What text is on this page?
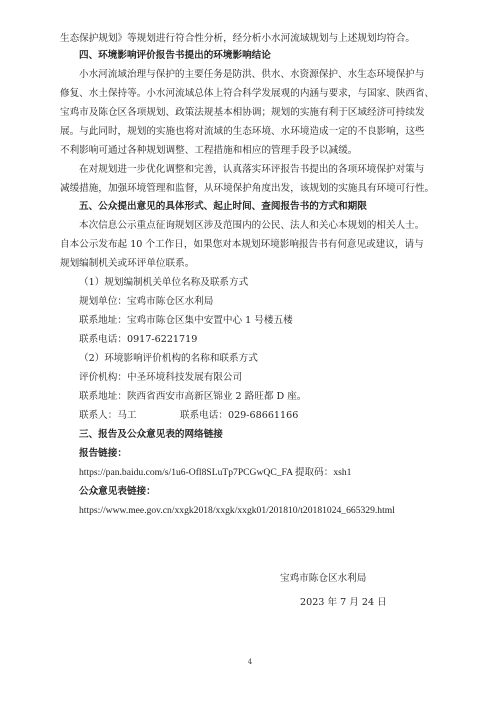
生态保护规划》等规划进行符合性分析，经分析小水河流域规划与上述规划均符合。
四、环境影响评价报告书提出的环境影响结论
小水河流域治理与保护的主要任务是防洪、供水、水资源保护、水生态环境保护与
修复、水土保持等。小水河流域总体上符合科学发展观的内涵与要求，与国家、陕西省、
宝鸡市及陈仓区各项规划、政策法规基本相协调；规划的实施有利于区域经济可持续发
展。与此同时，规划的实施也将对流域的生态环境、水环境造成一定的不良影响，这些
不利影响可通过各种规划调整、工程措施和相应的管理手段予以减缓。
在对规划进一步优化调整和完善，认真落实环评报告书提出的各项环境保护对策与
减缓措施，加强环境管理和监督，从环境保护角度出发，该规划的实施具有环境可行性。
五、公众提出意见的具体形式、起止时间、查阅报告书的方式和期限
本次信息公示重点征询规划区涉及范围内的公民、法人和关心本规划的相关人士。
自本公示发布起 10 个工作日，如果您对本规划环境影响报告书有何意见或建议，请与
规划编制机关或环评单位联系。
（1）规划编制机关单位名称及联系方式
规划单位：宝鸡市陈仓区水利局
联系地址：宝鸡市陈仓区集中安置中心 1 号楼五楼
联系电话：0917-6221719
（2）环境影响评价机构的名称和联系方式
评价机构：中圣环境科技发展有限公司
联系地址：陕西省西安市高新区锦业 2 路旺都 D 座。
联系人：马工	联系电话：029-68661166
三、报告及公众意见表的网络链接
报告链接：
https://pan.baidu.com/s/1u6-Ofl8SLuTp7PCGwQC_FA 提取码：xsh1
公众意见表链接：
https://www.mee.gov.cn/xxgk2018/xxgk/xxgk01/201810/t20181024_665329.html
宝鸡市陈仓区水利局
2023 年 7 月 24 日
4
